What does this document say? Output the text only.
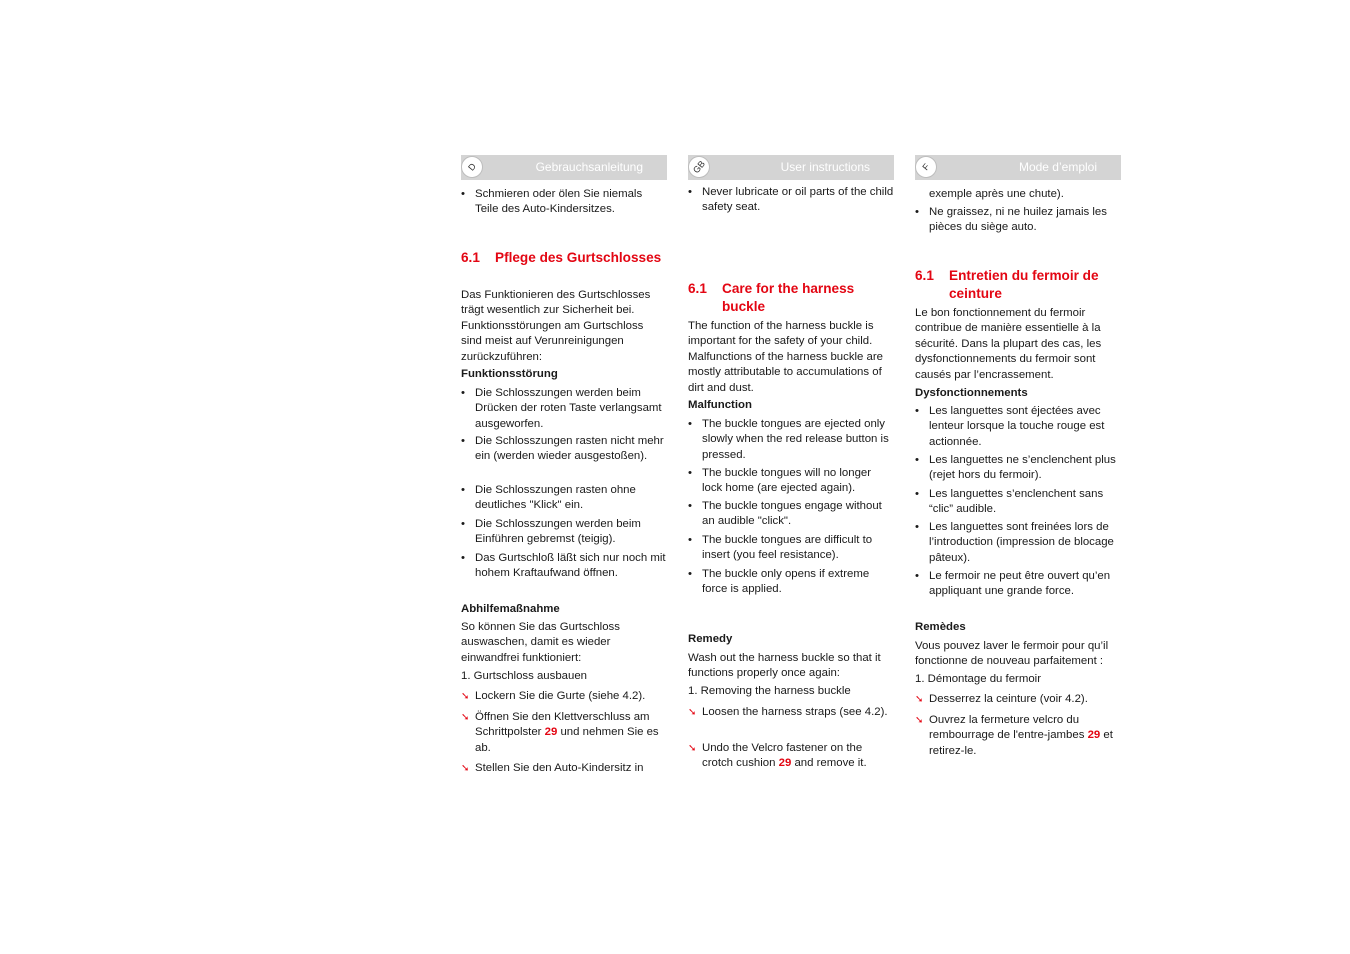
D	Gebrauchsanleitung
• Schmieren oder ölen Sie niemals Teile des Auto-Kindersitzes.
6.1	Pflege des Gurtschlosses

Das Funktionieren des Gurtschlosses trägt wesentlich zur Sicherheit bei. Funktionsstörungen am Gurtschloss sind meist auf Verunreinigungen zurückzuführen:

Funktionsstörung
• Die Schlosszungen werden beim Drücken der roten Taste verlangsamt ausgeworfen.
• Die Schlosszungen rasten nicht mehr ein (werden wieder ausgestoßen).
• Die Schlosszungen rasten ohne deutliches "Klick" ein.
• Die Schlosszungen werden beim Einführen gebremst (teigig).
• Das Gurtschloß läßt sich nur noch mit hohem Kraftaufwand öffnen.
Abhilfemaßnahme

So können Sie das Gurtschloss auswaschen, damit es wieder einwandfrei funktioniert:

1. Gurtschloss ausbauen

➘ Lockern Sie die Gurte (siehe 4.2).
➘ Öffnen Sie den Klettverschluss am Schrittpolster 29 und nehmen Sie es ab.
➘ Stellen Sie den Auto-Kindersitz in
GB	User instructions
• Never lubricate or oil parts of the child safety seat.
6.1	Care for the harness buckle

The function of the harness buckle is important for the safety of your child. Malfunctions of the harness buckle are mostly attributable to accumulations of dirt and dust.

Malfunction
• The buckle tongues are ejected only slowly when the red release button is pressed.
• The buckle tongues will no longer lock home (are ejected again).
• The buckle tongues engage without an audible "click".
• The buckle tongues are difficult to insert (you feel resistance).
• The buckle only opens if extreme force is applied.
Remedy

Wash out the harness buckle so that it functions properly once again:

1. Removing the harness buckle

➘ Loosen the harness straps (see 4.2).
➘ Undo the Velcro fastener on the crotch cushion 29 and remove it.
F	Mode d’emploi

exemple après une chute).

• Ne graissez, ni ne huilez jamais les pièces du siège auto.
6.1	Entretien du fermoir de ceinture

Le bon fonctionnement du fermoir contribue de manière essentielle à la sécurité. Dans la plupart des cas, les dysfonctionnements du fermoir sont causés par l’encrassement.

Dysfonctionnements
• Les languettes sont éjectées avec lenteur lorsque la touche rouge est actionnée.
• Les languettes ne s’enclenchent plus (rejet hors du fermoir).
• Les languettes s’enclenchent sans “clic” audible.
• Les languettes sont freinées lors de l’introduction (impression de blocage pâteux).
• Le fermoir ne peut être ouvert qu’en appliquant une grande force.
Remèdes

Vous pouvez laver le fermoir pour qu’il fonctionne de nouveau parfaitement :

1. Démontage du fermoir

➘ Desserrez la ceinture (voir 4.2).
➘ Ouvrez la fermeture velcro du rembourrage de l'entre-jambes 29 et retirez-le.
